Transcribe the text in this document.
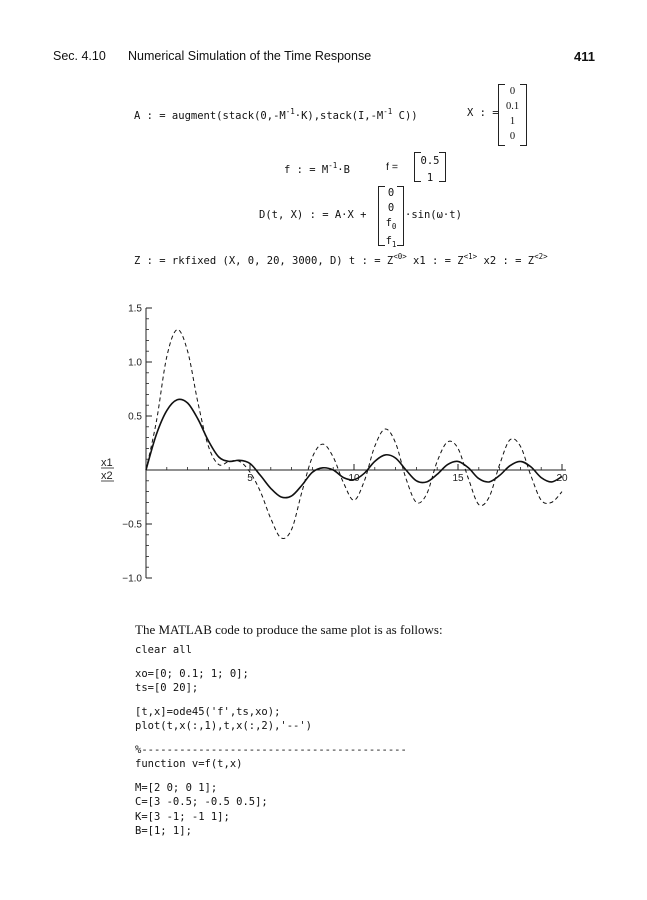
Sec. 4.10 Numerical Simulation of the Time Response	411
A : = $augment(stack(0,-M^{-1}\cdot K),stack(I,-M^{-1}$ C))	X : =
0
0.1
1
0
f : = $M^{-1}\cdot B$	f =	0.5
1
D(t, X) : = A·X +
0
0
$f_0$
$f_1$
·sin(ω·t)
Z : = rkfixed (X, 0, 20, 3000, D) t : = $Z^{<0>}$ x1 : = $Z^{<1>}$ x2 : = $Z^{<2>}$
1.5
1.0
0.5
−0.5
−1.0
5	10	15	20
x1
x2
The MATLAB code to produce the same plot is as follows:
clear all
xo=[0; 0.1; 1; 0];
ts=[0 20];
[t,x]=ode45('f',ts,xo);
plot(t,x(:,1),t,x(:,2),'--')
%------------------------------------------
function v=f(t,x)
M=[2 0; 0 1];
C=[3 -0.5; -0.5 0.5];
K=[3 -1; -1 1];
B=[1; 1];
